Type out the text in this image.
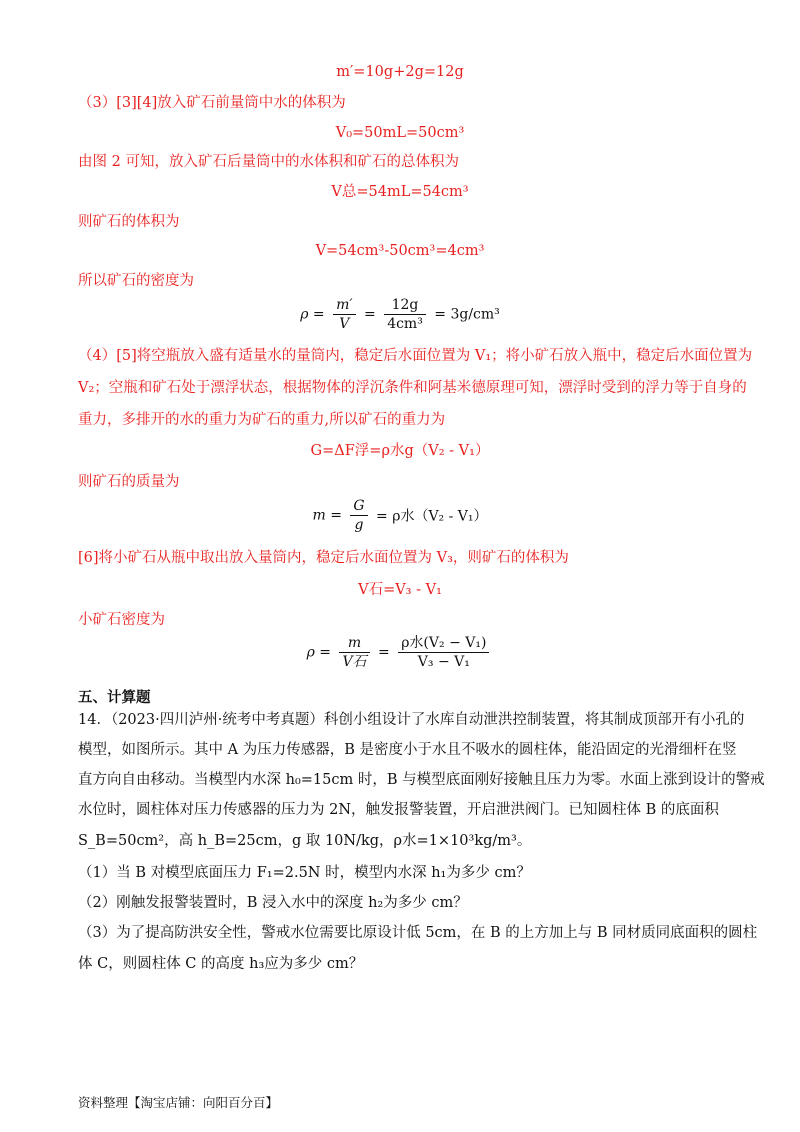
m′=10g+2g=12g
（3）[3][4]放入矿石前量筒中水的体积为
V₀=50mL=50cm³
由图 2 可知，放入矿石后量筒中的水体积和矿石的总体积为
V总=54mL=54cm³
则矿石的体积为
V=54cm³-50cm³=4cm³
所以矿石的密度为
$\rho = \frac{m'}{V} = \frac{12g}{\text{4cm³}} = 3g/cm^3$
（4）[5]将空瓶放入盛有适量水的量筒内，稳定后水面位置为 V₁；将小矿石放入瓶中，稳定后水面位置为
V₂；空瓶和矿石处于漂浮状态，根据物体的浮沉条件和阿基米德原理可知，漂浮时受到的浮力等于自身的
重力，多排开的水的重力为矿石的重力,所以矿石的重力为
G=ΔF浮=ρ水g（V₂ - V₁）
则矿石的质量为
$m = \frac{G}{g} = \rho$水（V₂ - V₁）
[6]将小矿石从瓶中取出放入量筒内，稳定后水面位置为 V₃，则矿石的体积为
V石=V₃ - V₁
小矿石密度为
$\rho = \frac{m}{\text{V石}} = \frac{\text{ρ水(V₂ − V₁)}}{\text{V₃ − V₁}}$
五、计算题
14．（2023·四川泸州·统考中考真题）科创小组设计了水库自动泄洪控制装置，将其制成顶部开有小孔的
模型，如图所示。其中 A 为压力传感器，B 是密度小于水且不吸水的圆柱体，能沿固定的光滑细杆在竖
直方向自由移动。当模型内水深 h₀=15cm 时，B 与模型底面刚好接触且压力为零。水面上涨到设计的警戒
水位时，圆柱体对压力传感器的压力为 2N，触发报警装置，开启泄洪阀门。已知圆柱体 B 的底面积
S_B=50cm²，高 h_B=25cm，g 取 10N/kg，ρ水=1×10³kg/m³。
（1）当 B 对模型底面压力 F₁=2.5N 时，模型内水深 h₁为多少 cm？
（2）刚触发报警装置时，B 浸入水中的深度 h₂为多少 cm？
（3）为了提高防洪安全性，警戒水位需要比原设计低 5cm，在 B 的上方加上与 B 同材质同底面积的圆柱
体 C，则圆柱体 C 的高度 h₃应为多少 cm？
资料整理【淘宝店铺：向阳百分百】
